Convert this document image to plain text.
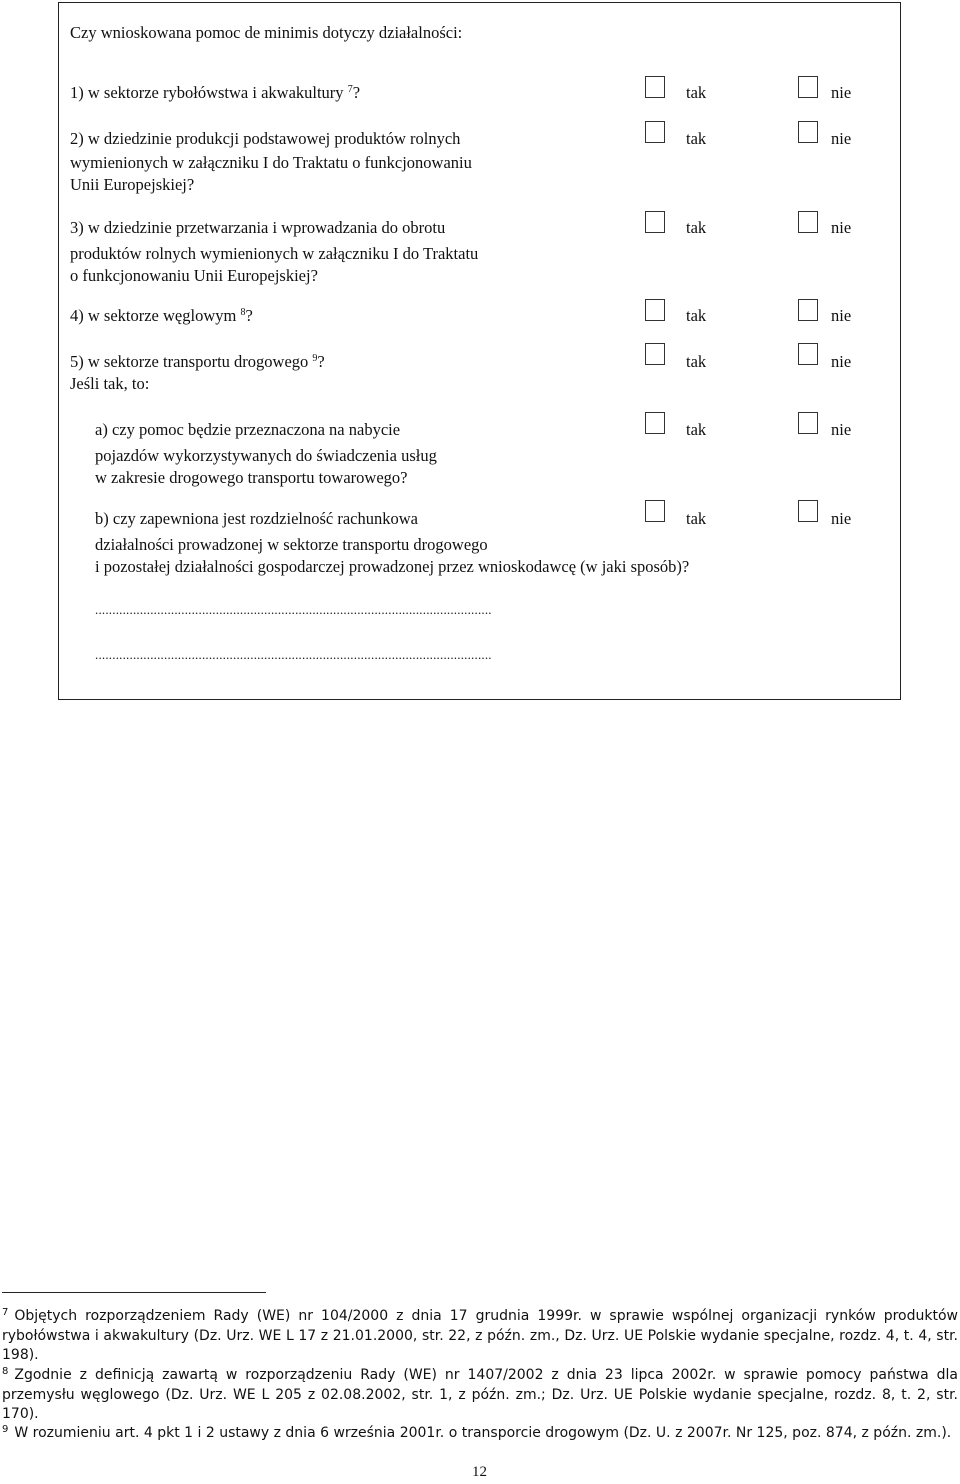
Czy wnioskowana pomoc de minimis dotyczy działalności:
1) w sektorze rybołówstwa i akwakultury $^7$?	tak	nie
2) w dziedzinie produkcji podstawowej produktów rolnych
wymienionych w załączniku I do Traktatu o funkcjonowaniu
Unii Europejskiej?
tak	nie
3) w dziedzinie przetwarzania i wprowadzania do obrotu
produktów rolnych wymienionych w załączniku I do Traktatu
o funkcjonowaniu Unii Europejskiej?
tak	nie
4) w sektorze węglowym $^8$?	tak	nie
5) w sektorze transportu drogowego $^9$?
Jeśli tak, to:
tak	nie
a) czy pomoc będzie przeznaczona na nabycie
pojazdów wykorzystywanych do świadczenia usług
w zakresie drogowego transportu towarowego?
tak	nie
b) czy zapewniona jest rozdzielność rachunkowa
działalności prowadzonej w sektorze transportu drogowego
i pozostałej działalności gospodarczej prowadzonej przez wnioskodawcę (w jaki sposób)?
tak	nie
...................................................................................................................
...................................................................................................................
$^7$ Objętych rozporządzeniem Rady (WE) nr 104/2000 z dnia 17 grudnia 1999r. w sprawie wspólnej organizacji rynków produktów rybołówstwa i akwakultury (Dz. Urz. WE L 17 z 21.01.2000, str. 22, z późn. zm., Dz. Urz. UE Polskie wydanie specjalne, rozdz. 4, t. 4, str. 198).
$^8$ Zgodnie z definicją zawartą w rozporządzeniu Rady (WE) nr 1407/2002 z dnia 23 lipca 2002r. w sprawie pomocy państwa dla przemysłu węglowego (Dz. Urz. WE L 205 z 02.08.2002, str. 1, z późn. zm.; Dz. Urz. UE Polskie wydanie specjalne, rozdz. 8, t. 2, str. 170).
$^9$ W rozumieniu art. 4 pkt 1 i 2 ustawy z dnia 6 września 2001r. o transporcie drogowym (Dz. U. z 2007r. Nr 125, poz. 874, z późn. zm.).
12
